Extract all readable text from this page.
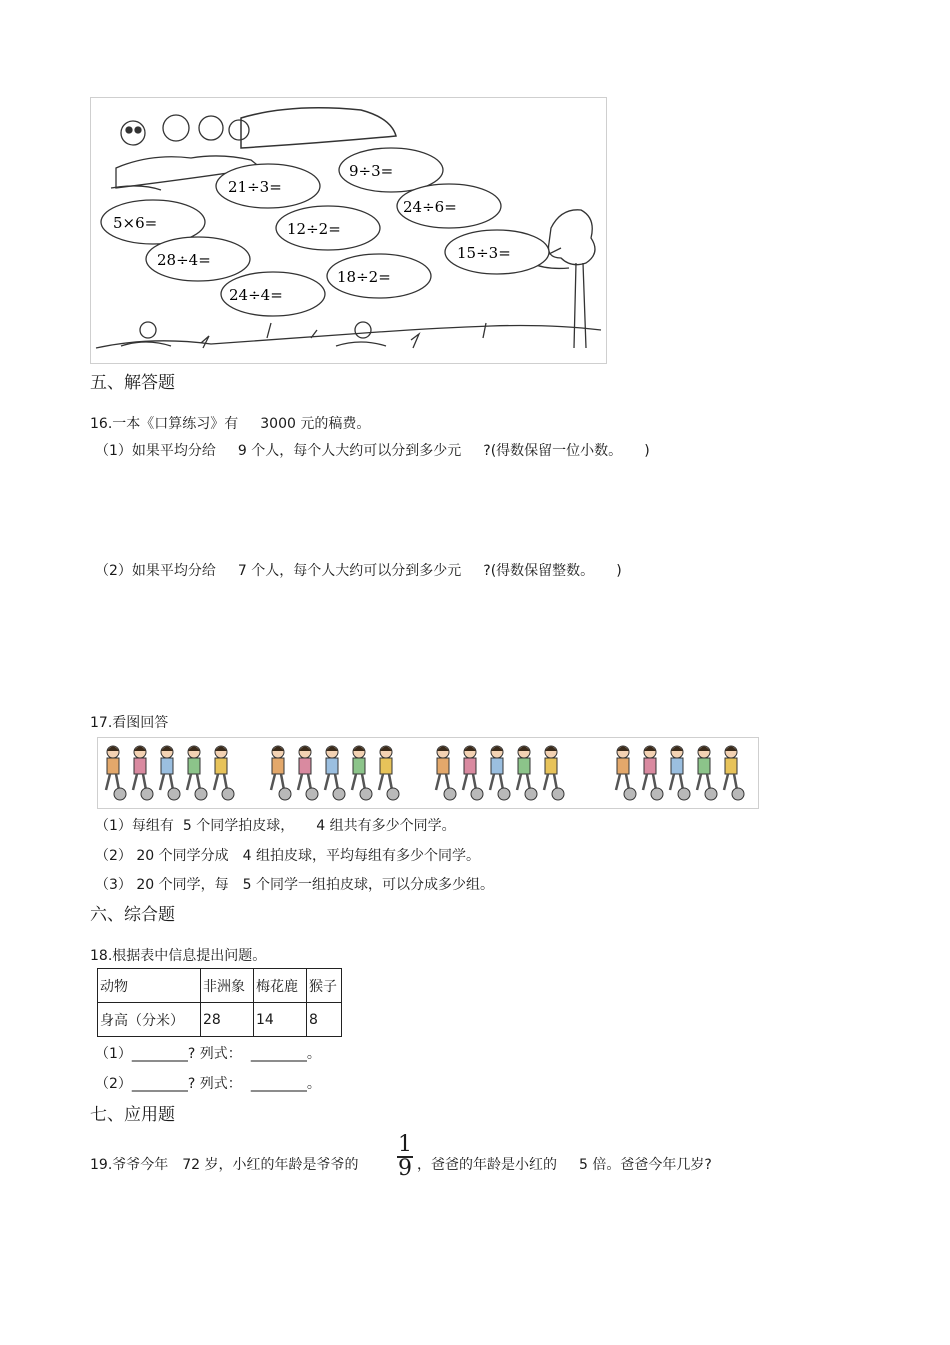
9÷3=
21÷3=
24÷6=
5×6=	12÷2=
15÷3=
28÷4=
18÷2=
24÷4=
五、解答题
16.一本《口算练习》有 3000 元的稿费。
（1）如果平均分给 9 个人，每个人大约可以分到多少元 ?(得数保留一位小数。 )
（2）如果平均分给 7 个人，每个人大约可以分到多少元 ?(得数保留整数。 )
17.看图回答
（1）每组有 5 个同学拍皮球， 4 组共有多少个同学。
（2） 20 个同学分成 4 组拍皮球，平均每组有多少个同学。
（3） 20 个同学，每 5 个同学一组拍皮球，可以分成多少组。
六、综合题
18.根据表中信息提出问题。
动物	非洲象	梅花鹿	猴子
身高（分米）	28	14	8
（1）________? 列式： ________。
（2）________? 列式： ________。
七、应用题
19.爷爷今年 72 岁，小红的年龄是爷爷的
1
9 ，爸爸的年龄是小红的 5 倍。爸爸今年几岁?
